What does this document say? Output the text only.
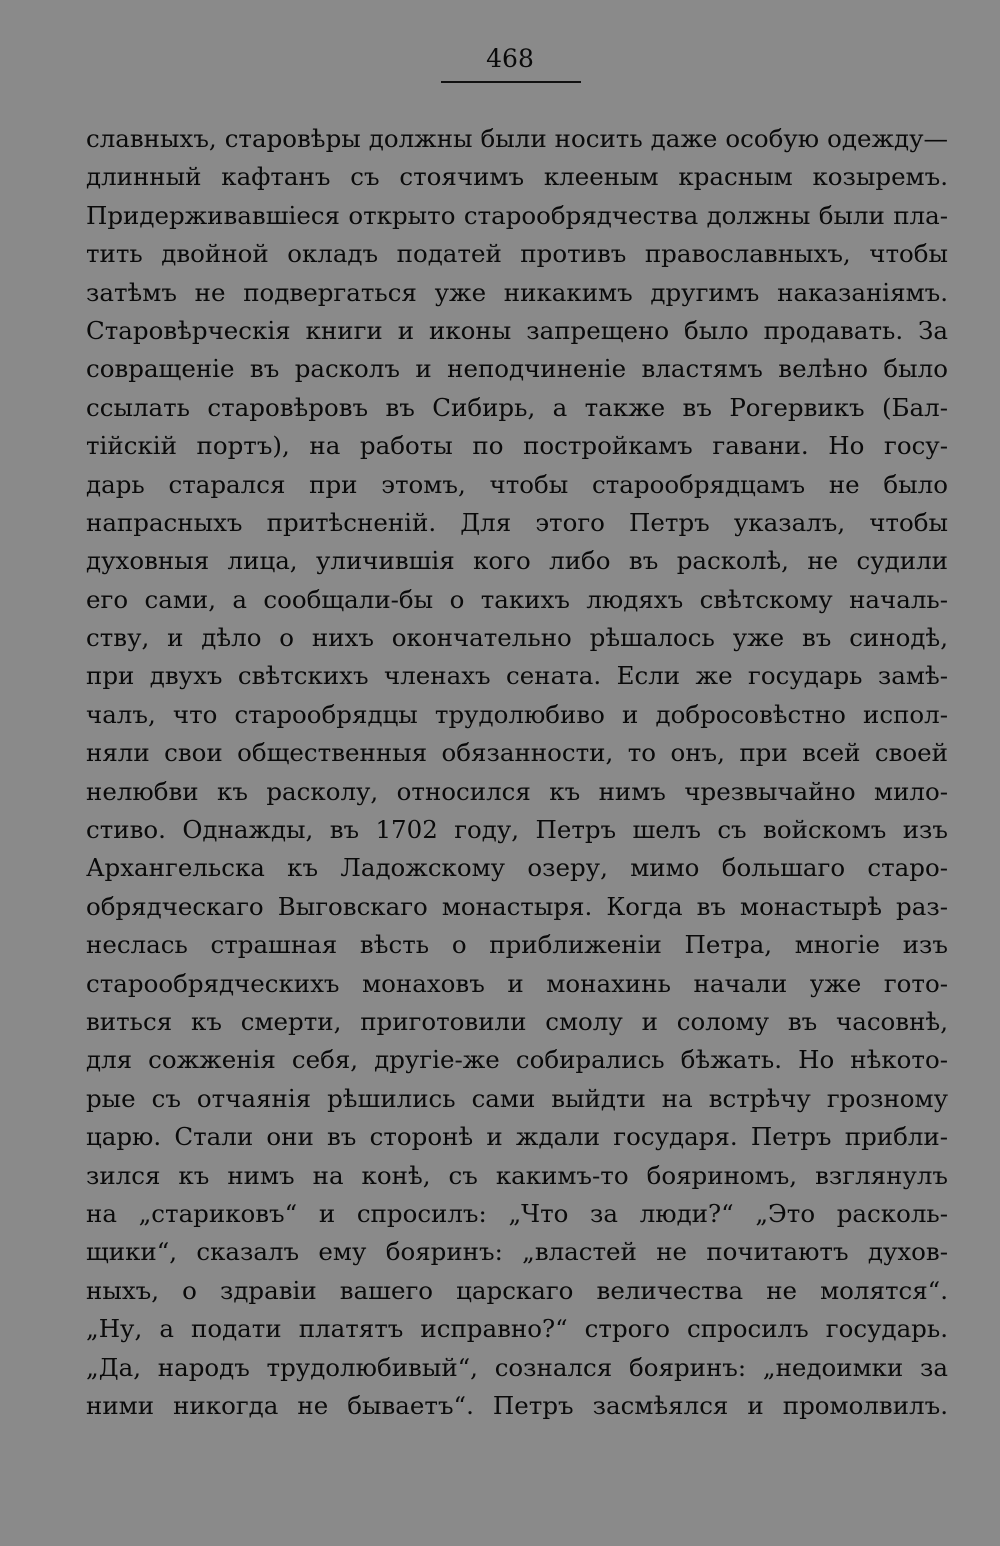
468
славныхъ, старовѣры должны были носить даже особую одежду—
длинный кафтанъ съ стоячимъ клееным красным козыремъ.
Придерживавшіеся открыто старообрядчества должны были пла-
тить двойной окладъ податей противъ православныхъ, чтобы
затѣмъ не подвергаться уже никакимъ другимъ наказаніямъ.
Старовѣрческія книги и иконы запрещено было продавать. За
совращеніе въ расколъ и неподчиненіе властямъ велѣно было
ссылать старовѣровъ въ Сибирь, а также въ Рогервикъ (Бал-
тійскій портъ), на работы по постройкамъ гавани. Но госу-
дарь старался при этомъ, чтобы старообрядцамъ не было
напрасныхъ притѣсненій. Для этого Петръ указалъ, чтобы
духовныя лица, уличившія кого либо въ расколѣ, не судили
его сами, а сообщали-бы о такихъ людяхъ свѣтскому началь-
ству, и дѣло о нихъ окончательно рѣшалось уже въ синодѣ,
при двухъ свѣтскихъ членахъ сената. Если же государь замѣ-
чалъ, что старообрядцы трудолюбиво и добросовѣстно испол-
няли свои общественныя обязанности, то онъ, при всей своей
нелюбви къ расколу, относился къ нимъ чрезвычайно мило-
стиво. Однажды, въ 1702 году, Петръ шелъ съ войскомъ изъ
Архангельска къ Ладожскому озеру, мимо большаго старо-
обрядческаго Выговскаго монастыря. Когда въ монастырѣ раз-
неслась страшная вѣсть о приближеніи Петра, многіе изъ
старообрядческихъ монаховъ и монахинь начали уже гото-
виться къ смерти, приготовили смолу и солому въ часовнѣ,
для сожженія себя, другіе-же собирались бѣжать. Но нѣкото-
рые съ отчаянія рѣшились сами выйдти на встрѣчу грозному
царю. Стали они въ сторонѣ и ждали государя. Петръ прибли-
зился къ нимъ на конѣ, съ какимъ-то бояриномъ, взглянулъ
на „стариковъ“ и спросилъ: „Что за люди?“ „Это расколь-
щики“, сказалъ ему бояринъ: „властей не почитаютъ духов-
ныхъ, о здравіи вашего царскаго величества не молятся“.
„Ну, а подати платятъ исправно?“ строго спросилъ государь.
„Да, народъ трудолюбивый“, сознался бояринъ: „недоимки за
ними никогда не бываетъ“. Петръ засмѣялся и промолвилъ.
